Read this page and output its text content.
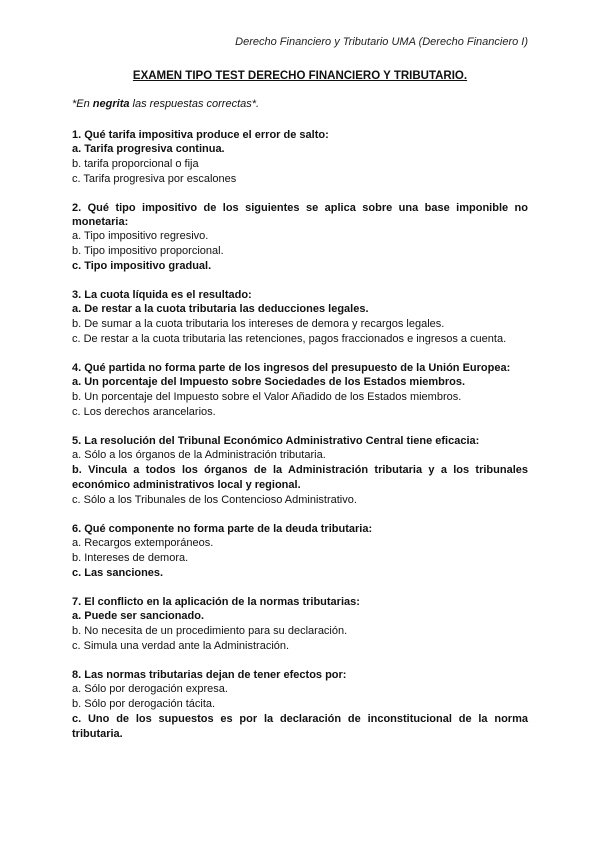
Derecho Financiero y Tributario UMA (Derecho Financiero I)

EXAMEN TIPO TEST DERECHO FINANCIERO Y TRIBUTARIO.

*En negrita las respuestas correctas*.

1. Qué tarifa impositiva produce el error de salto:

a. Tarifa progresiva continua.

b. tarifa proporcional o fija

c. Tarifa progresiva por escalones

2. Qué tipo impositivo de los siguientes se aplica sobre una base imponible no monetaria:

a. Tipo impositivo regresivo.

b. Tipo impositivo proporcional.

c. Tipo impositivo gradual.

3. La cuota líquida es el resultado:

a. De restar a la cuota tributaria las deducciones legales.

b. De sumar a la cuota tributaria los intereses de demora y recargos legales.

c. De restar a la cuota tributaria las retenciones, pagos fraccionados e ingresos a cuenta.

4. Qué partida no forma parte de los ingresos del presupuesto de la Unión Europea:

a. Un porcentaje del Impuesto sobre Sociedades de los Estados miembros.

b. Un porcentaje del Impuesto sobre el Valor Añadido de los Estados miembros.

c. Los derechos arancelarios.

5. La resolución del Tribunal Económico Administrativo Central tiene eficacia:

a. Sólo a los órganos de la Administración tributaria.

b. Vincula a todos los órganos de la Administración tributaria y a los tribunales económico administrativos local y regional.

c. Sólo a los Tribunales de los Contencioso Administrativo.

6. Qué componente no forma parte de la deuda tributaria:

a. Recargos extemporáneos.

b. Intereses de demora.

c. Las sanciones.

7. El conflicto en la aplicación de la normas tributarias:

a. Puede ser sancionado.

b. No necesita de un procedimiento para su declaración.

c. Simula una verdad ante la Administración.

8. Las normas tributarias dejan de tener efectos por:

a. Sólo por derogación expresa.

b. Sólo por derogación tácita.

c. Uno de los supuestos es por la declaración de inconstitucional de la norma tributaria.
